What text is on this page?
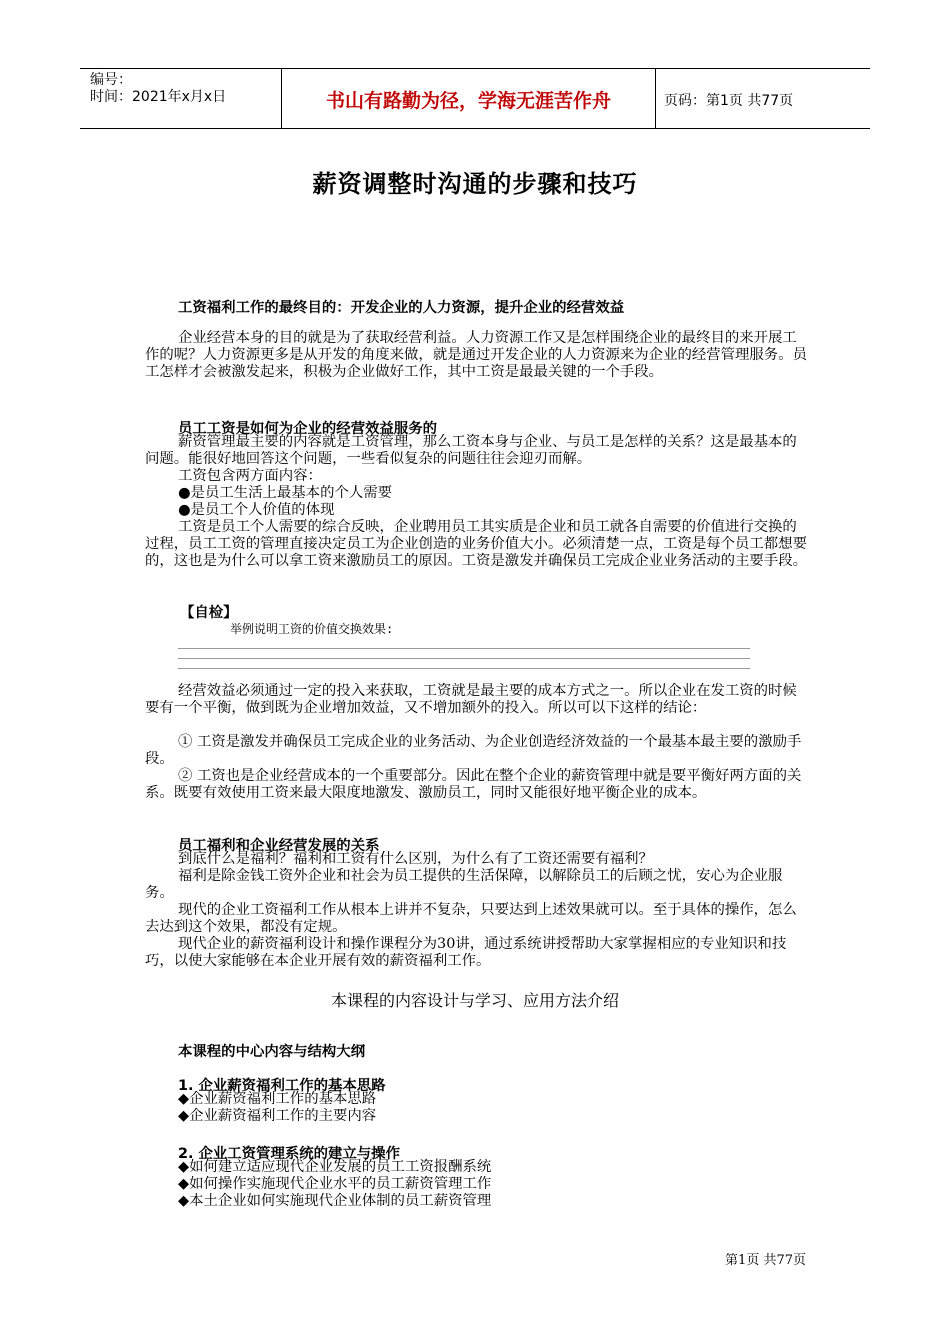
编号：
时间：2021年x月x日	书山有路勤为径，学海无涯苦作舟	页码：第1页 共77页
薪资调整时沟通的步骤和技巧
工资福利工作的最终目的：开发企业的人力资源，提升企业的经营效益
企业经营本身的目的就是为了获取经营利益。人力资源工作又是怎样围绕企业的最终目的来开展工作的呢？人力资源更多是从开发的角度来做，就是通过开发企业的人力资源来为企业的经营管理服务。员工怎样才会被激发起来，积极为企业做好工作，其中工资是最最关键的一个手段。
员工工资是如何为企业的经营效益服务的
薪资管理最主要的内容就是工资管理，那么工资本身与企业、与员工是怎样的关系？这是最基本的问题。能很好地回答这个问题，一些看似复杂的问题往往会迎刃而解。
工资包含两方面内容：
●是员工生活上最基本的个人需要
●是员工个人价值的体现
工资是员工个人需要的综合反映，企业聘用员工其实质是企业和员工就各自需要的价值进行交换的过程，员工工资的管理直接决定员工为企业创造的业务价值大小。必须清楚一点，工资是每个员工都想要的，这也是为什么可以拿工资来激励员工的原因。工资是激发并确保员工完成企业业务活动的主要手段。
【自检】
举例说明工资的价值交换效果:
经营效益必须通过一定的投入来获取，工资就是最主要的成本方式之一。所以企业在发工资的时候要有一个平衡，做到既为企业增加效益，又不增加额外的投入。所以可以下这样的结论：
① 工资是激发并确保员工完成企业的业务活动、为企业创造经济效益的一个最基本最主要的激励手段。
② 工资也是企业经营成本的一个重要部分。因此在整个企业的薪资管理中就是要平衡好两方面的关系。既要有效使用工资来最大限度地激发、激励员工，同时又能很好地平衡企业的成本。
员工福利和企业经营发展的关系
到底什么是福利？福利和工资有什么区别，为什么有了工资还需要有福利？
福利是除金钱工资外企业和社会为员工提供的生活保障，以解除员工的后顾之忧，安心为企业服务。
现代的企业工资福利工作从根本上讲并不复杂，只要达到上述效果就可以。至于具体的操作，怎么去达到这个效果，都没有定规。
现代企业的薪资福利设计和操作课程分为30讲，通过系统讲授帮助大家掌握相应的专业知识和技巧，以使大家能够在本企业开展有效的薪资福利工作。
本课程的内容设计与学习、应用方法介绍
本课程的中心内容与结构大纲
1. 企业薪资福利工作的基本思路
◆企业薪资福利工作的基本思路
◆企业薪资福利工作的主要内容
2. 企业工资管理系统的建立与操作
◆如何建立适应现代企业发展的员工工资报酬系统
◆如何操作实施现代企业水平的员工薪资管理工作
◆本土企业如何实施现代企业体制的员工薪资管理
第1页 共77页
